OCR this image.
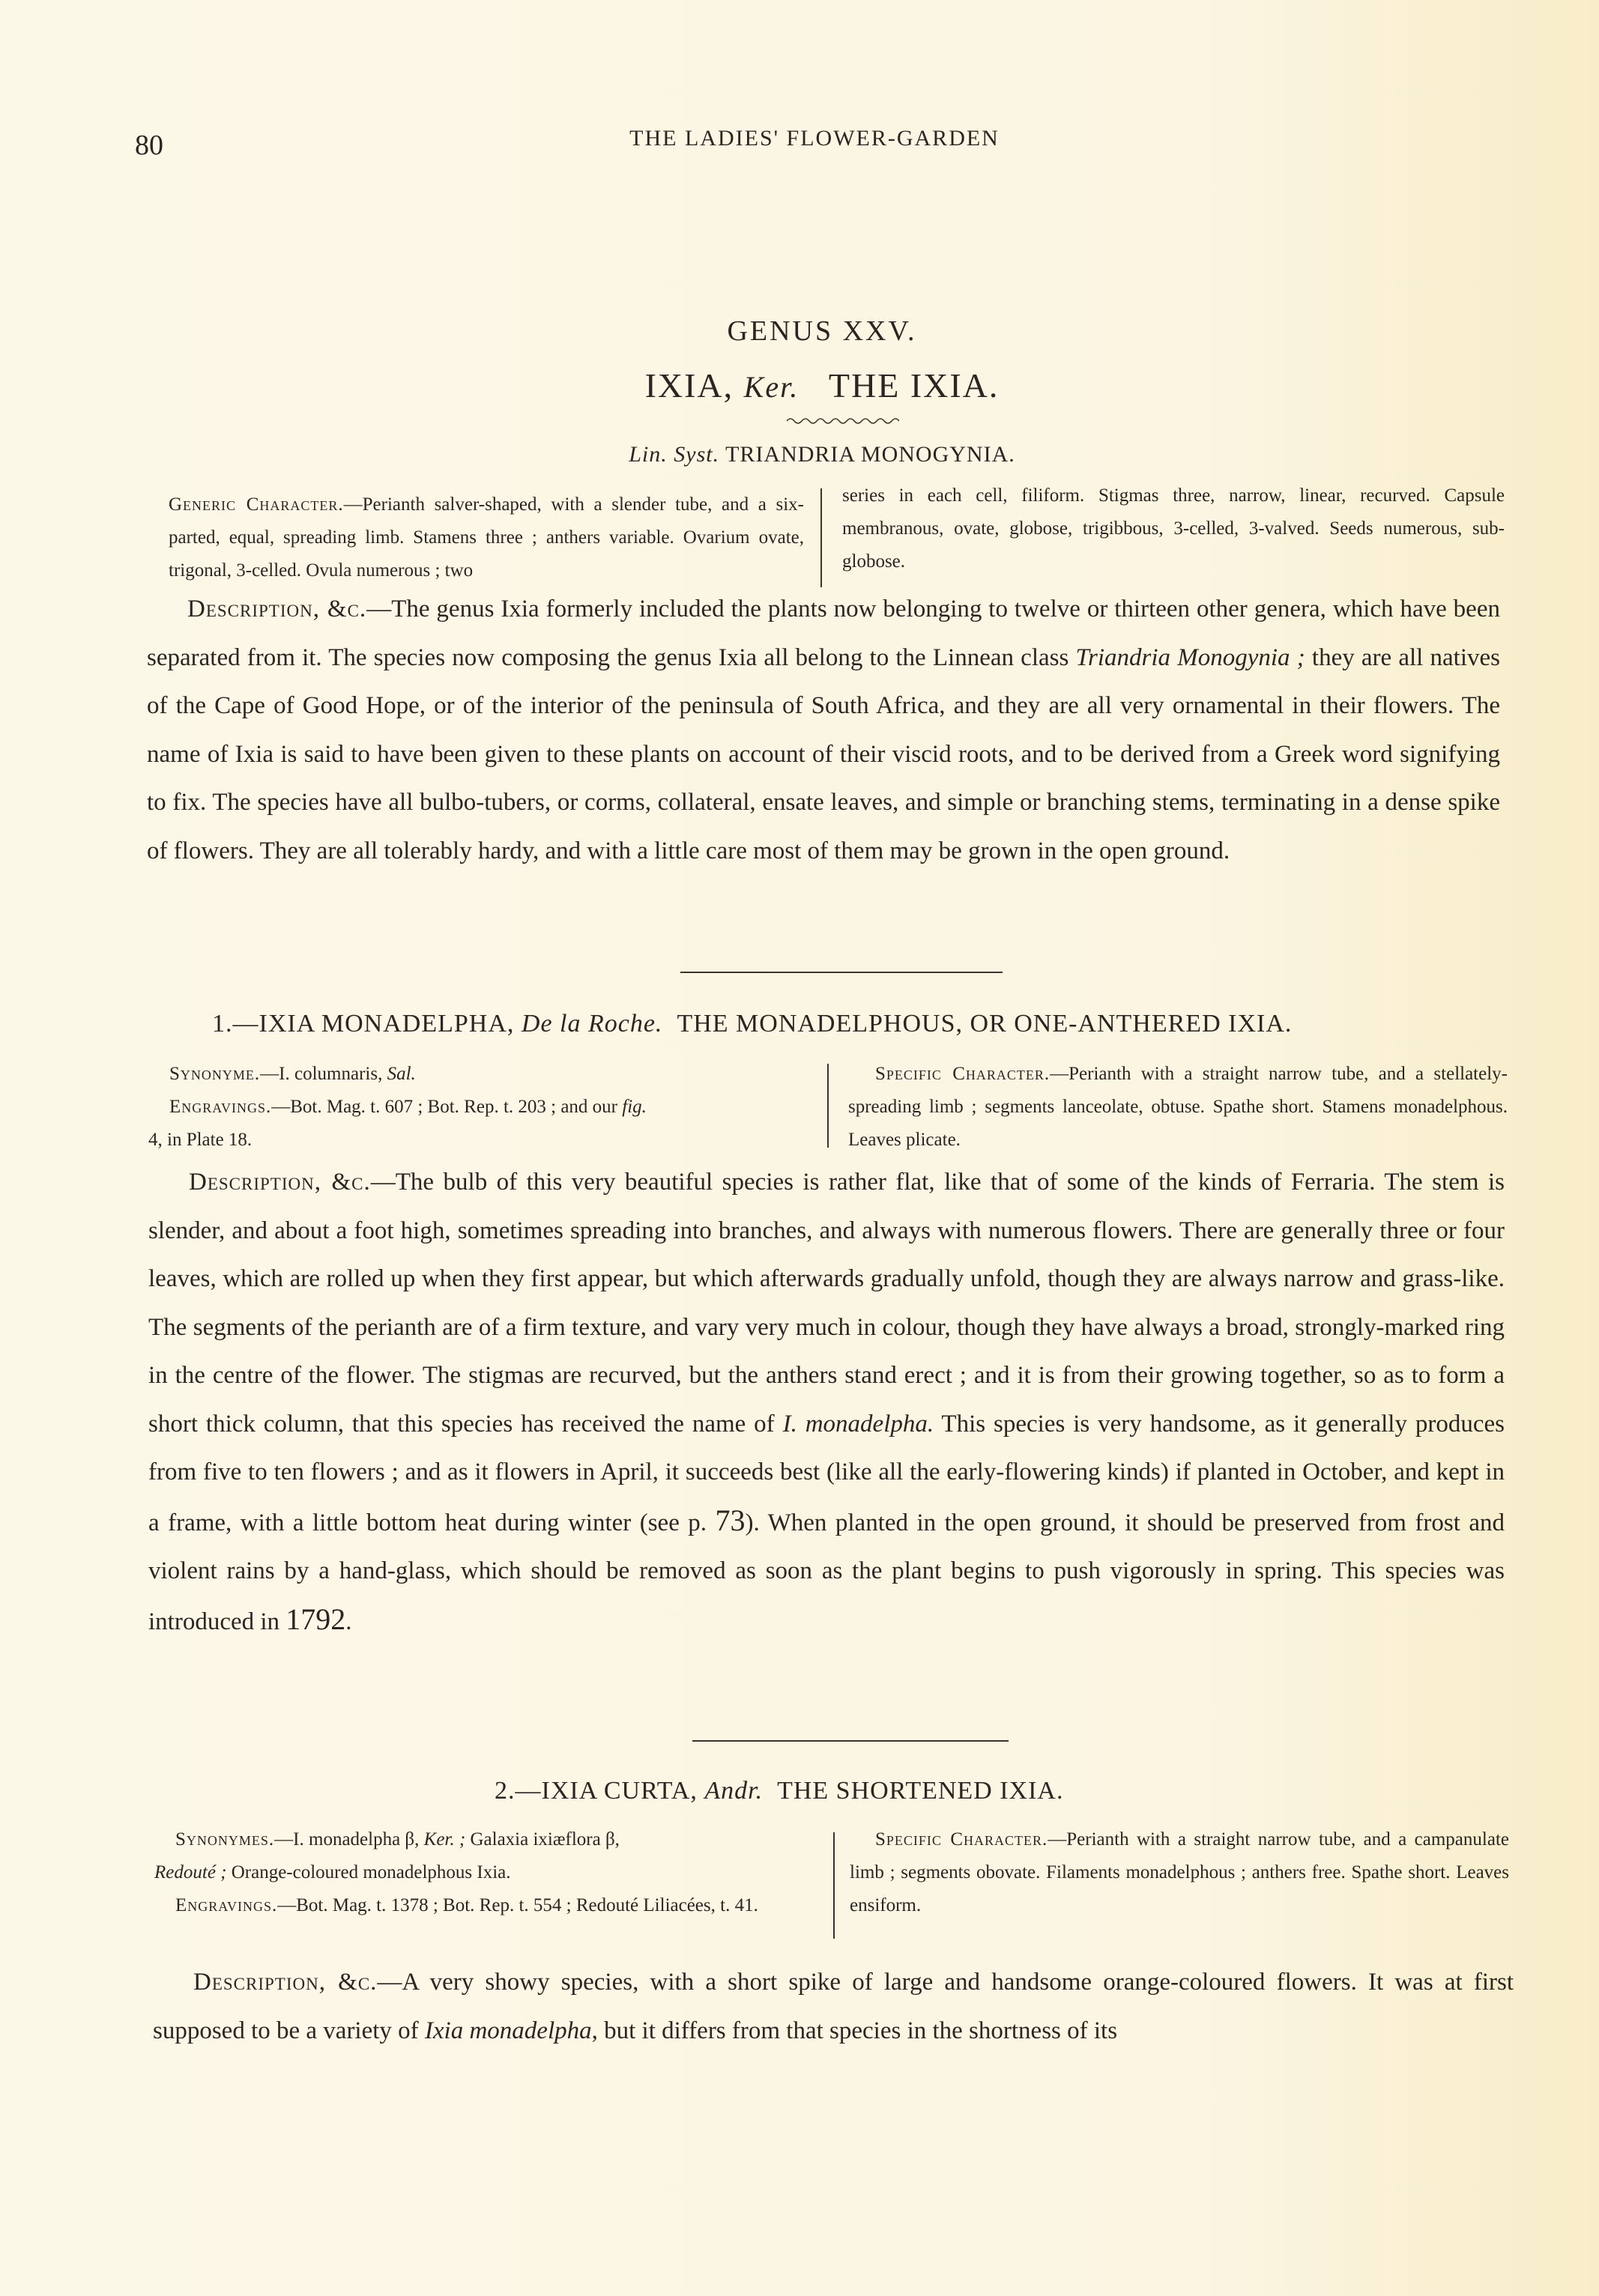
80	THE LADIES' FLOWER-GARDEN
GENUS XXV.
IXIA, Ker. THE IXIA.
Lin. Syst. TRIANDRIA MONOGYNIA.
Generic Character.—Perianth salver-shaped, with a slender tube, and a six-parted, equal, spreading limb. Stamens three ; anthers variable. Ovarium ovate, trigonal, 3-celled. Ovula numerous ; two
series in each cell, filiform. Stigmas three, narrow, linear, recurved. Capsule membranous, ovate, globose, trigibbous, 3-celled, 3-valved. Seeds numerous, sub-globose.
Description, &c.—The genus Ixia formerly included the plants now belonging to twelve or thirteen other genera, which have been separated from it. The species now composing the genus Ixia all belong to the Linnean class Triandria Monogynia ; they are all natives of the Cape of Good Hope, or of the interior of the peninsula of South Africa, and they are all very ornamental in their flowers. The name of Ixia is said to have been given to these plants on account of their viscid roots, and to be derived from a Greek word signifying to fix. The species have all bulbo-tubers, or corms, collateral, ensate leaves, and simple or branching stems, terminating in a dense spike of flowers. They are all tolerably hardy, and with a little care most of them may be grown in the open ground.
1.—IXIA MONADELPHA, De la Roche. THE MONADELPHOUS, OR ONE-ANTHERED IXIA.
Synonyme.—I. columnaris, Sal.
Engravings.—Bot. Mag. t. 607 ; Bot. Rep. t. 203 ; and our fig.
4, in Plate 18.
Specific Character.—Perianth with a straight narrow tube, and a stellately-spreading limb ; segments lanceolate, obtuse. Spathe short. Stamens monadelphous. Leaves plicate.
Description, &c.—The bulb of this very beautiful species is rather flat, like that of some of the kinds of Ferraria. The stem is slender, and about a foot high, sometimes spreading into branches, and always with numerous flowers. There are generally three or four leaves, which are rolled up when they first appear, but which afterwards gradually unfold, though they are always narrow and grass-like. The segments of the perianth are of a firm texture, and vary very much in colour, though they have always a broad, strongly-marked ring in the centre of the flower. The stigmas are recurved, but the anthers stand erect ; and it is from their growing together, so as to form a short thick column, that this species has received the name of I. monadelpha. This species is very handsome, as it generally produces from five to ten flowers ; and as it flowers in April, it succeeds best (like all the early-flowering kinds) if planted in October, and kept in a frame, with a little bottom heat during winter (see p. 73). When planted in the open ground, it should be preserved from frost and violent rains by a hand-glass, which should be removed as soon as the plant begins to push vigorously in spring. This species was introduced in 1792.
2.—IXIA CURTA, Andr. THE SHORTENED IXIA.
Synonymes.—I. monadelpha β, Ker. ; Galaxia ixiæflora β,
Redouté ; Orange-coloured monadelphous Ixia.
Engravings.—Bot. Mag. t. 1378 ; Bot. Rep. t. 554 ; Redouté Liliacées, t. 41.
Specific Character.—Perianth with a straight narrow tube, and a campanulate limb ; segments obovate. Filaments monadelphous ; anthers free. Spathe short. Leaves ensiform.
Description, &c.—A very showy species, with a short spike of large and handsome orange-coloured flowers. It was at first supposed to be a variety of Ixia monadelpha, but it differs from that species in the shortness of its
